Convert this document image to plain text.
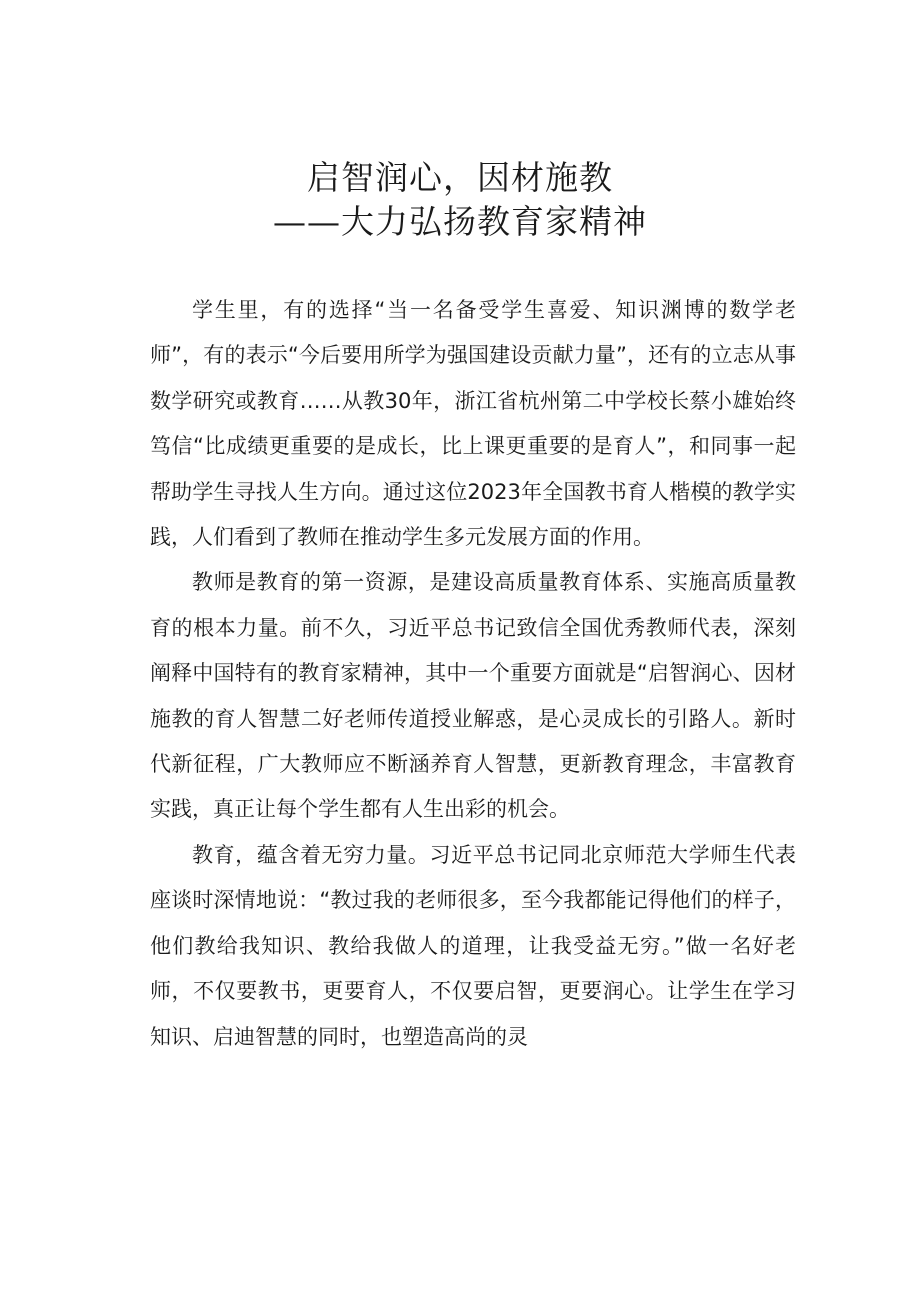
启智润心，因材施教
——大力弘扬教育家精神

学生里，有的选择“当一名备受学生喜爱、知识渊博的数学老师”，有的表示“今后要用所学为强国建设贡献力量”，还有的立志从事数学研究或教育……从教30年，浙江省杭州第二中学校长蔡小雄始终笃信“比成绩更重要的是成长，比上课更重要的是育人”，和同事一起帮助学生寻找人生方向。通过这位2023年全国教书育人楷模的教学实践，人们看到了教师在推动学生多元发展方面的作用。

教师是教育的第一资源，是建设高质量教育体系、实施高质量教育的根本力量。前不久，习近平总书记致信全国优秀教师代表，深刻阐释中国特有的教育家精神，其中一个重要方面就是“启智润心、因材施教的育人智慧二好老师传道授业解惑，是心灵成长的引路人。新时代新征程，广大教师应不断涵养育人智慧，更新教育理念，丰富教育实践，真正让每个学生都有人生出彩的机会。

教育，蕴含着无穷力量。习近平总书记同北京师范大学师生代表座谈时深情地说：“教过我的老师很多，至今我都能记得他们的样子，他们教给我知识、教给我做人的道理，让我受益无穷。”做一名好老师，不仅要教书，更要育人，不仅要启智，更要润心。让学生在学习知识、启迪智慧的同时，也塑造高尚的灵
